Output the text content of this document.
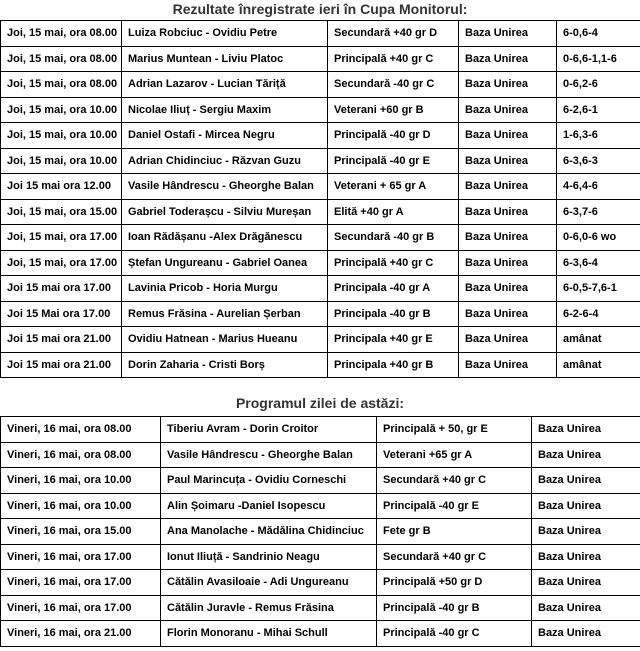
Rezultate înregistrate ieri în Cupa Monitorul:
Joi, 15 mai, ora 08.00	Luiza Robciuc - Ovidiu Petre	Secundară +40 gr D	Baza Unirea	6-0,6-4
Joi, 15 mai, ora 08.00	Marius Muntean - Liviu Platoc	Principală +40 gr C	Baza Unirea	0-6,6-1,1-6
Joi, 15 mai, ora 08.00	Adrian Lazarov - Lucian Tăriță	Secundară -40 gr C	Baza Unirea	0-6,2-6
Joi, 15 mai, ora 10.00	Nicolae Iliuț - Sergiu Maxim	Veterani +60 gr B	Baza Unirea	6-2,6-1
Joi, 15 mai, ora 10.00	Daniel Ostafi - Mircea Negru	Principală -40 gr D	Baza Unirea	1-6,3-6
Joi, 15 mai, ora 10.00	Adrian Chidinciuc - Răzvan Guzu	Principală -40 gr E	Baza Unirea	6-3,6-3
Joi 15 mai ora 12.00	Vasile Hândrescu - Gheorghe Balan	Veterani + 65 gr A	Baza Unirea	4-6,4-6
Joi, 15 mai, ora 15.00	Gabriel Toderașcu - Silviu Mureșan	Elită +40 gr A	Baza Unirea	6-3,7-6
Joi, 15 mai, ora 17.00	Ioan Rădășanu -Alex Drăgănescu	Secundară -40 gr B	Baza Unirea	0-6,0-6 wo
Joi, 15 mai, ora 17.00	Ștefan Ungureanu - Gabriel Oanea	Principală +40 gr C	Baza Unirea	6-3,6-4
Joi 15 mai ora 17.00	Lavinia Pricob - Horia Murgu	Principala -40 gr A	Baza Unirea	6-0,5-7,6-1
Joi 15 Mai ora 17.00	Remus Frăsina - Aurelian Șerban	Principala -40 gr B	Baza Unirea	6-2-6-4
Joi 15 mai ora 21.00	Ovidiu Hatnean - Marius Hueanu	Principala +40 gr E	Baza Unirea	amânat
Joi 15 mai ora 21.00	Dorin Zaharia - Cristi Borș	Principala +40 gr B	Baza Unirea	amânat
Programul zilei de astăzi:
Vineri, 16 mai, ora 08.00	Tiberiu Avram - Dorin Croitor	Principală + 50, gr E	Baza Unirea
Vineri, 16 mai, ora 08.00	Vasile Hândrescu - Gheorghe Balan	Veterani +65 gr A	Baza Unirea
Vineri, 16 mai, ora 10.00	Paul Marincuța - Ovidiu Corneschi	Secundară +40 gr C	Baza Unirea
Vineri, 16 mai, ora 10.00	Alin Șoimaru -Daniel Isopescu	Principală -40 gr E	Baza Unirea
Vineri, 16 mai, ora 15.00	Ana Manolache - Mădălina Chidinciuc	Fete gr B	Baza Unirea
Vineri, 16 mai, ora 17.00	Ionut Iliuță - Sandrinio Neagu	Secundară +40 gr C	Baza Unirea
Vineri, 16 mai, ora 17.00	Cătălin Avasiloaie - Adi Ungureanu	Principală +50 gr D	Baza Unirea
Vineri, 16 mai, ora 17.00	Cătălin Juravle - Remus Frăsina	Principală -40 gr B	Baza Unirea
Vineri, 16 mai, ora 21.00	Florin Monoranu - Mihai Schull	Principală -40 gr C	Baza Unirea
